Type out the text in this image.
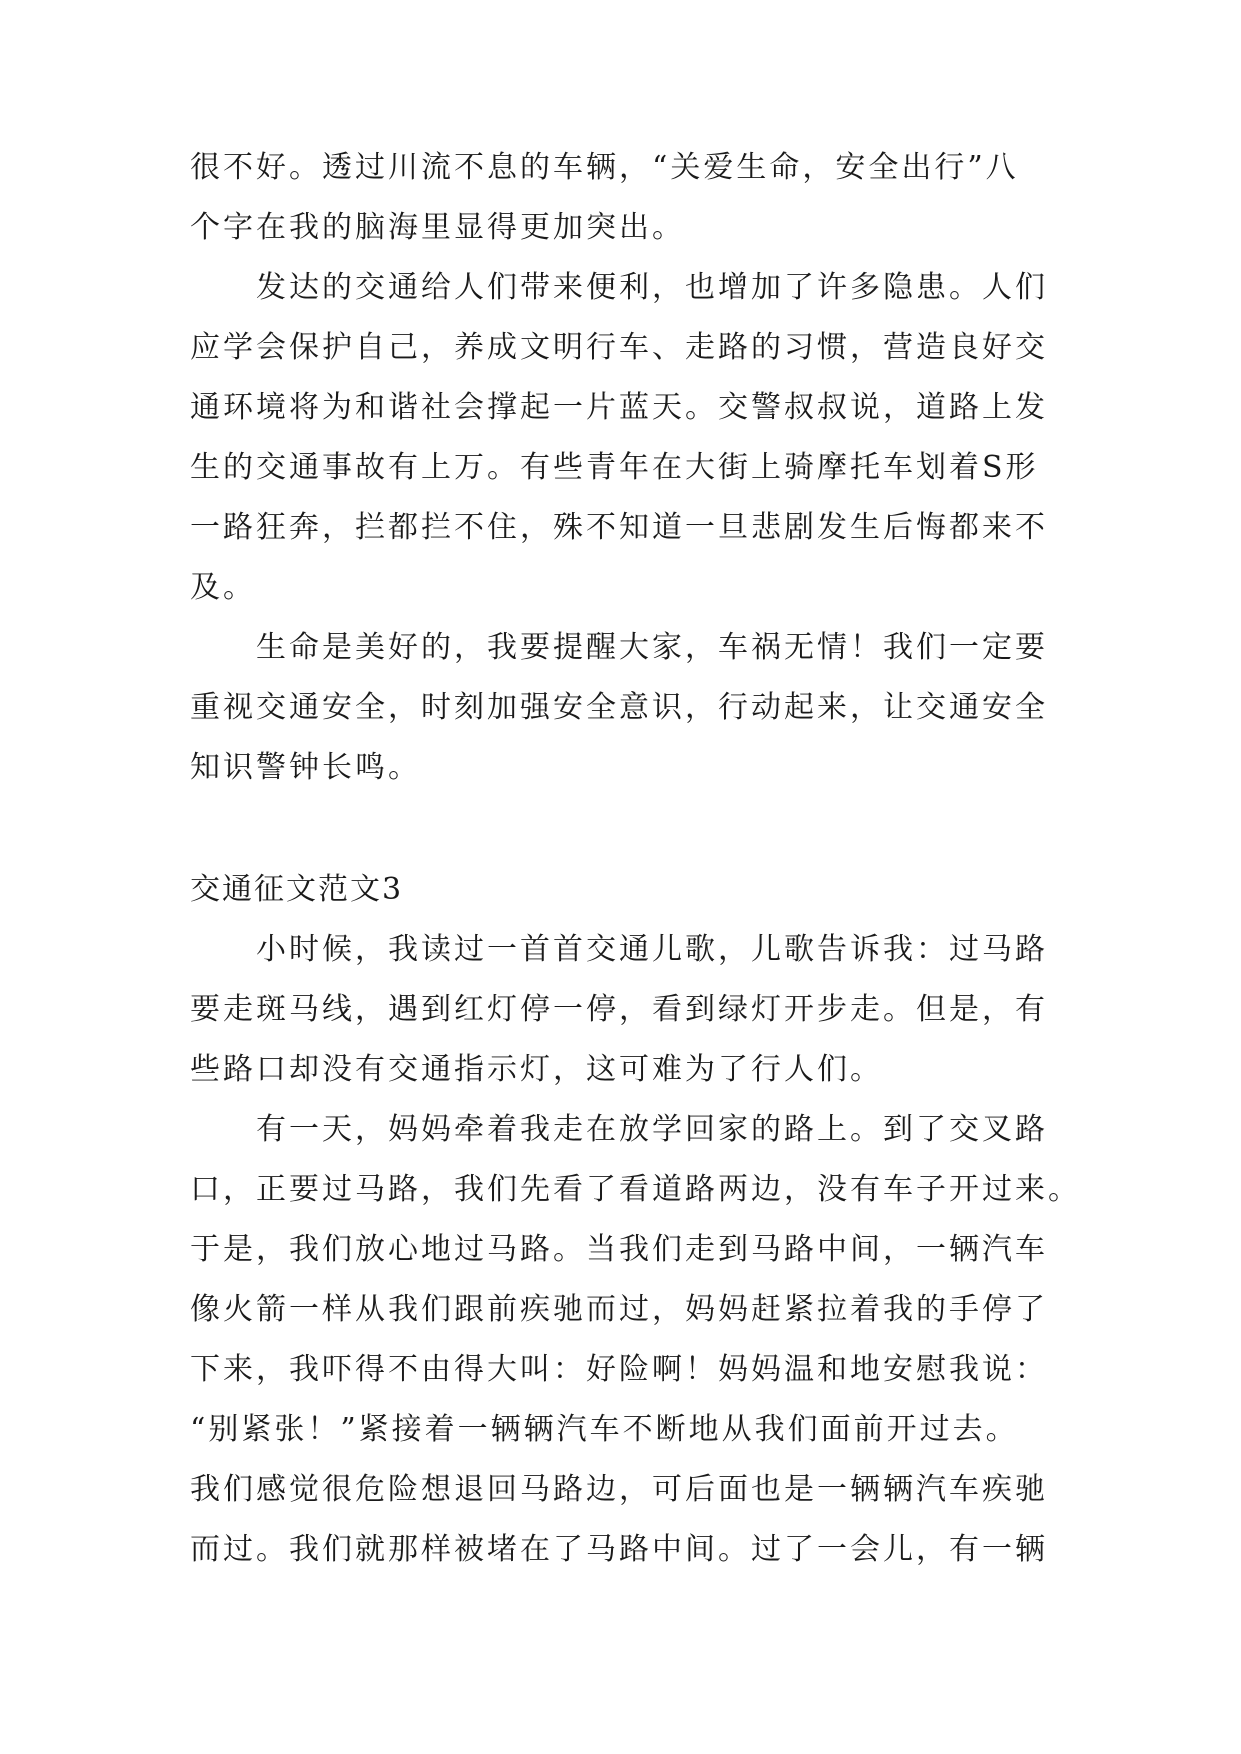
很不好。透过川流不息的车辆，“关爱生命，安全出行”八
个字在我的脑海里显得更加突出。
发达的交通给人们带来便利，也增加了许多隐患。人们
应学会保护自己，养成文明行车、走路的习惯，营造良好交
通环境将为和谐社会撑起一片蓝天。交警叔叔说，道路上发
生的交通事故有上万。有些青年在大街上骑摩托车划着S形
一路狂奔，拦都拦不住，殊不知道一旦悲剧发生后悔都来不
及。
生命是美好的，我要提醒大家，车祸无情！我们一定要
重视交通安全，时刻加强安全意识，行动起来，让交通安全
知识警钟长鸣。
交通征文范文3
小时候，我读过一首首交通儿歌，儿歌告诉我：过马路
要走斑马线，遇到红灯停一停，看到绿灯开步走。但是，有
些路口却没有交通指示灯，这可难为了行人们。
有一天，妈妈牵着我走在放学回家的路上。到了交叉路
口，正要过马路，我们先看了看道路两边，没有车子开过来。
于是，我们放心地过马路。当我们走到马路中间，一辆汽车
像火箭一样从我们跟前疾驰而过，妈妈赶紧拉着我的手停了
下来，我吓得不由得大叫：好险啊！妈妈温和地安慰我说：
“别紧张！”紧接着一辆辆汽车不断地从我们面前开过去。
我们感觉很危险想退回马路边，可后面也是一辆辆汽车疾驰
而过。我们就那样被堵在了马路中间。过了一会儿，有一辆
